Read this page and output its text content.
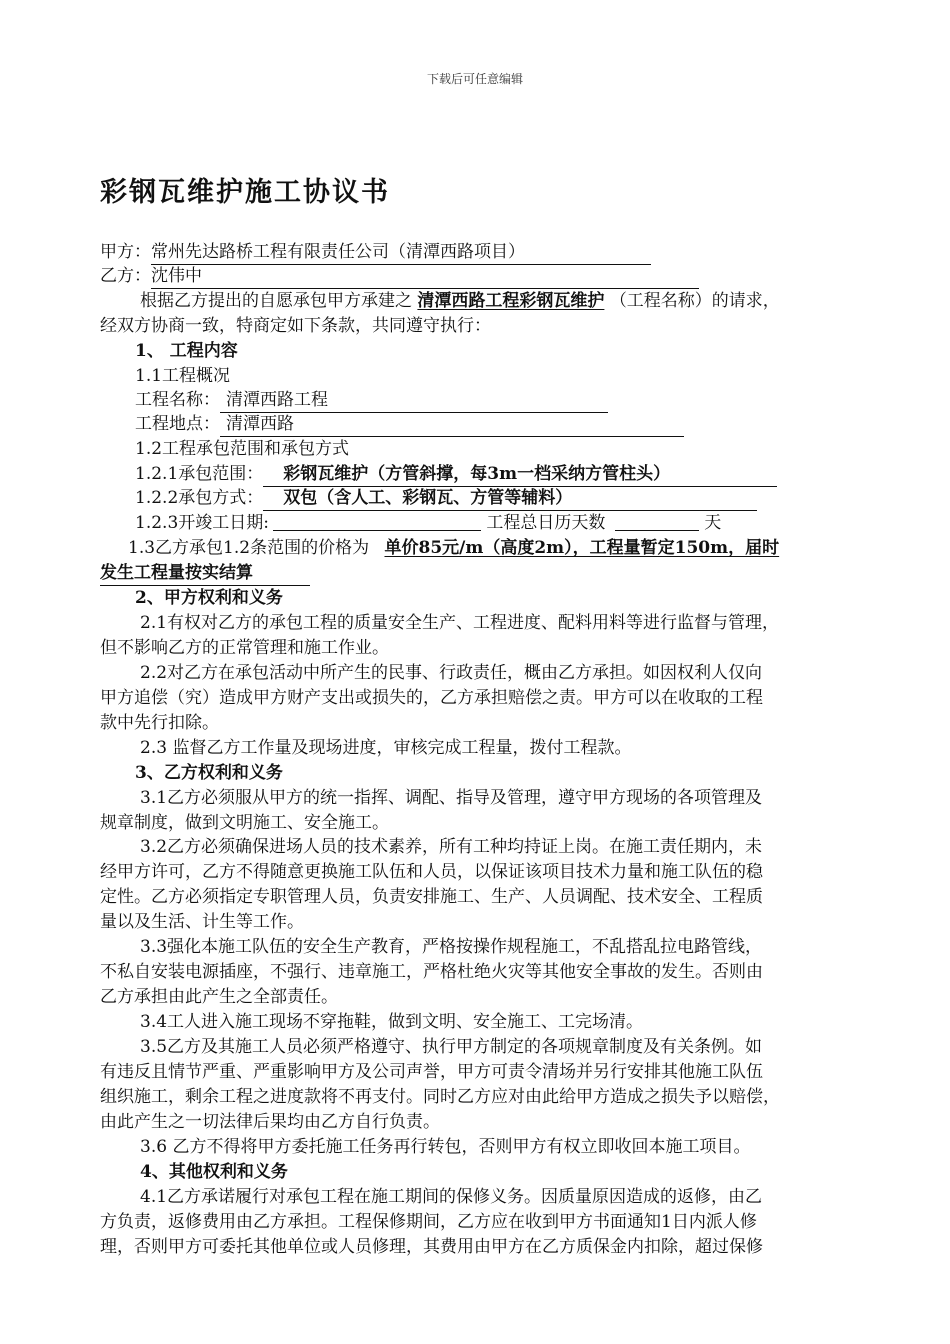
下载后可任意编辑
彩钢瓦维护施工协议书
甲方：常州先达路桥工程有限责任公司（清潭西路项目）
乙方：沈伟中
根据乙方提出的自愿承包甲方承建之 清潭西路工程彩钢瓦维护 （工程名称）的请求，
经双方协商一致，特商定如下条款，共同遵守执行：
1、 工程内容
1.1工程概况
工程名称： 清潭西路工程
工程地点： 清潭西路
1.2工程承包范围和承包方式
1.2.1承包范围： 彩钢瓦维护（方管斜撑，每3m一档采纳方管柱头）
1.2.2承包方式： 双包（含人工、彩钢瓦、方管等辅料）
1.2.3开竣工日期:	工程总日历天数	天
1.3乙方承包1.2条范围的价格为 单价85元/m（高度2m），工程量暂定150m，届时
发生工程量按实结算
2、甲方权利和义务
2.1有权对乙方的承包工程的质量安全生产、工程进度、配料用料等进行监督与管理，
但不影响乙方的正常管理和施工作业。
2.2对乙方在承包活动中所产生的民事、行政责任，概由乙方承担。如因权利人仅向
甲方追偿（究）造成甲方财产支出或损失的，乙方承担赔偿之责。甲方可以在收取的工程
款中先行扣除。
2.3 监督乙方工作量及现场进度，审核完成工程量，拨付工程款。
3、乙方权利和义务
3.1乙方必须服从甲方的统一指挥、调配、指导及管理，遵守甲方现场的各项管理及
规章制度，做到文明施工、安全施工。
3.2乙方必须确保进场人员的技术素养，所有工种均持证上岗。在施工责任期内，未
经甲方许可，乙方不得随意更换施工队伍和人员，以保证该项目技术力量和施工队伍的稳
定性。乙方必须指定专职管理人员，负责安排施工、生产、人员调配、技术安全、工程质
量以及生活、计生等工作。
3.3强化本施工队伍的安全生产教育，严格按操作规程施工，不乱搭乱拉电路管线，
不私自安装电源插座，不强行、违章施工，严格杜绝火灾等其他安全事故的发生。否则由
乙方承担由此产生之全部责任。
3.4工人进入施工现场不穿拖鞋，做到文明、安全施工、工完场清。
3.5乙方及其施工人员必须严格遵守、执行甲方制定的各项规章制度及有关条例。如
有违反且情节严重、严重影响甲方及公司声誉，甲方可责令清场并另行安排其他施工队伍
组织施工，剩余工程之进度款将不再支付。同时乙方应对由此给甲方造成之损失予以赔偿，
由此产生之一切法律后果均由乙方自行负责。
3.6 乙方不得将甲方委托施工任务再行转包，否则甲方有权立即收回本施工项目。
4、其他权利和义务
4.1乙方承诺履行对承包工程在施工期间的保修义务。因质量原因造成的返修，由乙
方负责，返修费用由乙方承担。工程保修期间，乙方应在收到甲方书面通知1日内派人修
理，否则甲方可委托其他单位或人员修理，其费用由甲方在乙方质保金内扣除，超过保修
